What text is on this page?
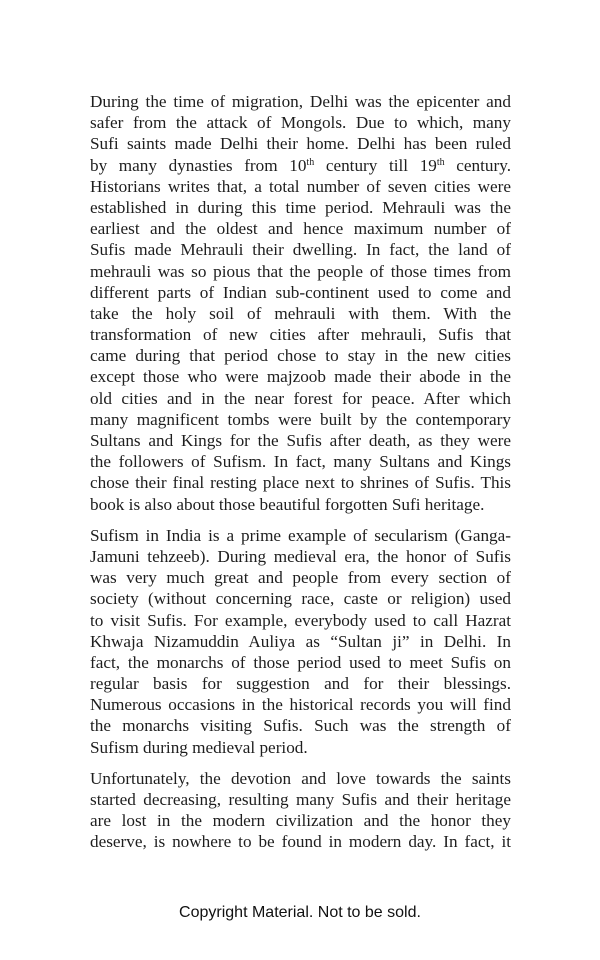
During the time of migration, Delhi was the epicenter and
safer from the attack of Mongols. Due to which, many
Sufi saints made Delhi their home. Delhi has been ruled
by many dynasties from 10th century till 19th century.
Historians writes that, a total number of seven cities were
established in during this time period. Mehrauli was the
earliest and the oldest and hence maximum number of
Sufis made Mehrauli their dwelling. In fact, the land of
mehrauli was so pious that the people of those times from
different parts of Indian sub-continent used to come and
take the holy soil of mehrauli with them. With the
transformation of new cities after mehrauli, Sufis that
came during that period chose to stay in the new cities
except those who were majzoob made their abode in the
old cities and in the near forest for peace. After which
many magnificent tombs were built by the contemporary
Sultans and Kings for the Sufis after death, as they were
the followers of Sufism. In fact, many Sultans and Kings
chose their final resting place next to shrines of Sufis. This
book is also about those beautiful forgotten Sufi heritage.
Sufism in India is a prime example of secularism (Ganga-
Jamuni tehzeeb). During medieval era, the honor of Sufis
was very much great and people from every section of
society (without concerning race, caste or religion) used
to visit Sufis. For example, everybody used to call Hazrat
Khwaja Nizamuddin Auliya as “Sultan ji” in Delhi. In
fact, the monarchs of those period used to meet Sufis on
regular basis for suggestion and for their blessings.
Numerous occasions in the historical records you will find
the monarchs visiting Sufis. Such was the strength of
Sufism during medieval period.
Unfortunately, the devotion and love towards the saints
started decreasing, resulting many Sufis and their heritage
are lost in the modern civilization and the honor they
deserve, is nowhere to be found in modern day. In fact, it
Copyright Material. Not to be sold.
